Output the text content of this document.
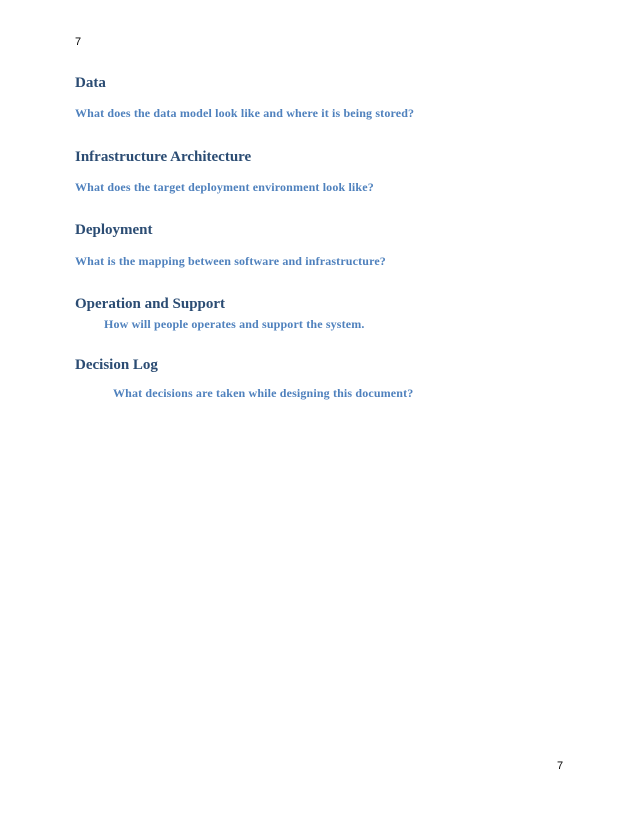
7
Data
What does the data model look like and where it is being stored?
Infrastructure Architecture
What does the target deployment environment look like?
Deployment
What is the mapping between software and infrastructure?
Operation and Support
How will people operates and support the system.
Decision Log
What decisions are taken while designing this document?
7
